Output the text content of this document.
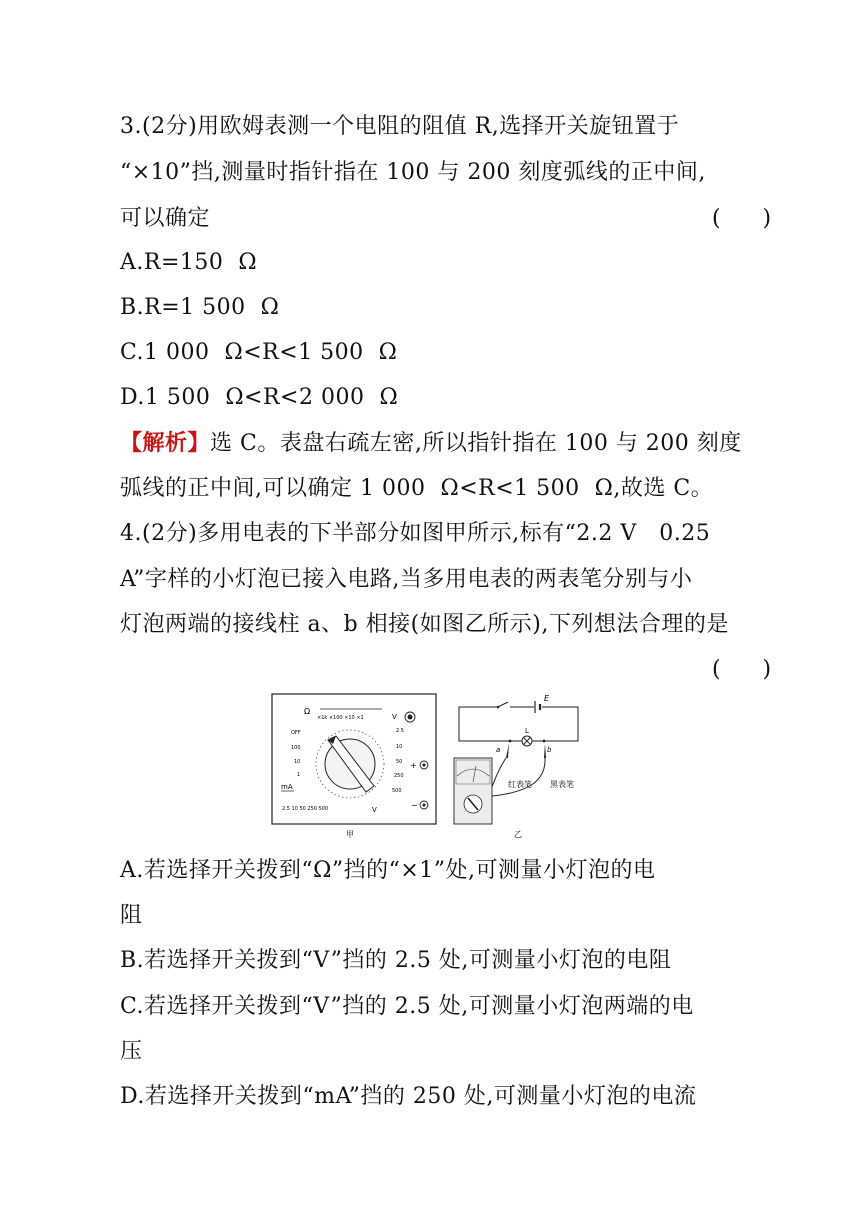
3.(2分)用欧姆表测一个电阻的阻值 R,选择开关旋钮置于
“×10”挡,测量时指针指在 100 与 200 刻度弧线的正中间,
可以确定	(      )
A.R=150  Ω
B.R=1 500  Ω
C.1 000  Ω<R<1 500  Ω
D.1 500  Ω<R<2 000  Ω
【解析】选 C。表盘右疏左密,所以指针指在 100 与 200 刻度
弧线的正中间,可以确定 1 000  Ω<R<1 500  Ω,故选 C。
4.(2分)多用电表的下半部分如图甲所示,标有“2.2 V   0.25
A”字样的小灯泡已接入电路,当多用电表的两表笔分别与小
灯泡两端的接线柱 a、b 相接(如图乙所示),下列想法合理的是
(      )
Ω
×1k ×100 ×10 ×1	V
OFF
100
10
1
mA
2.5
10
50
250
500
2.5 10 50 250 500	V
+
−
甲
E
L
a	b
红表笔 黑表笔
乙
A.若选择开关拨到“Ω”挡的“×1”处,可测量小灯泡的电
阻
B.若选择开关拨到“V”挡的 2.5 处,可测量小灯泡的电阻
C.若选择开关拨到“V”挡的 2.5 处,可测量小灯泡两端的电
压
D.若选择开关拨到“mA”挡的 250 处,可测量小灯泡的电流
